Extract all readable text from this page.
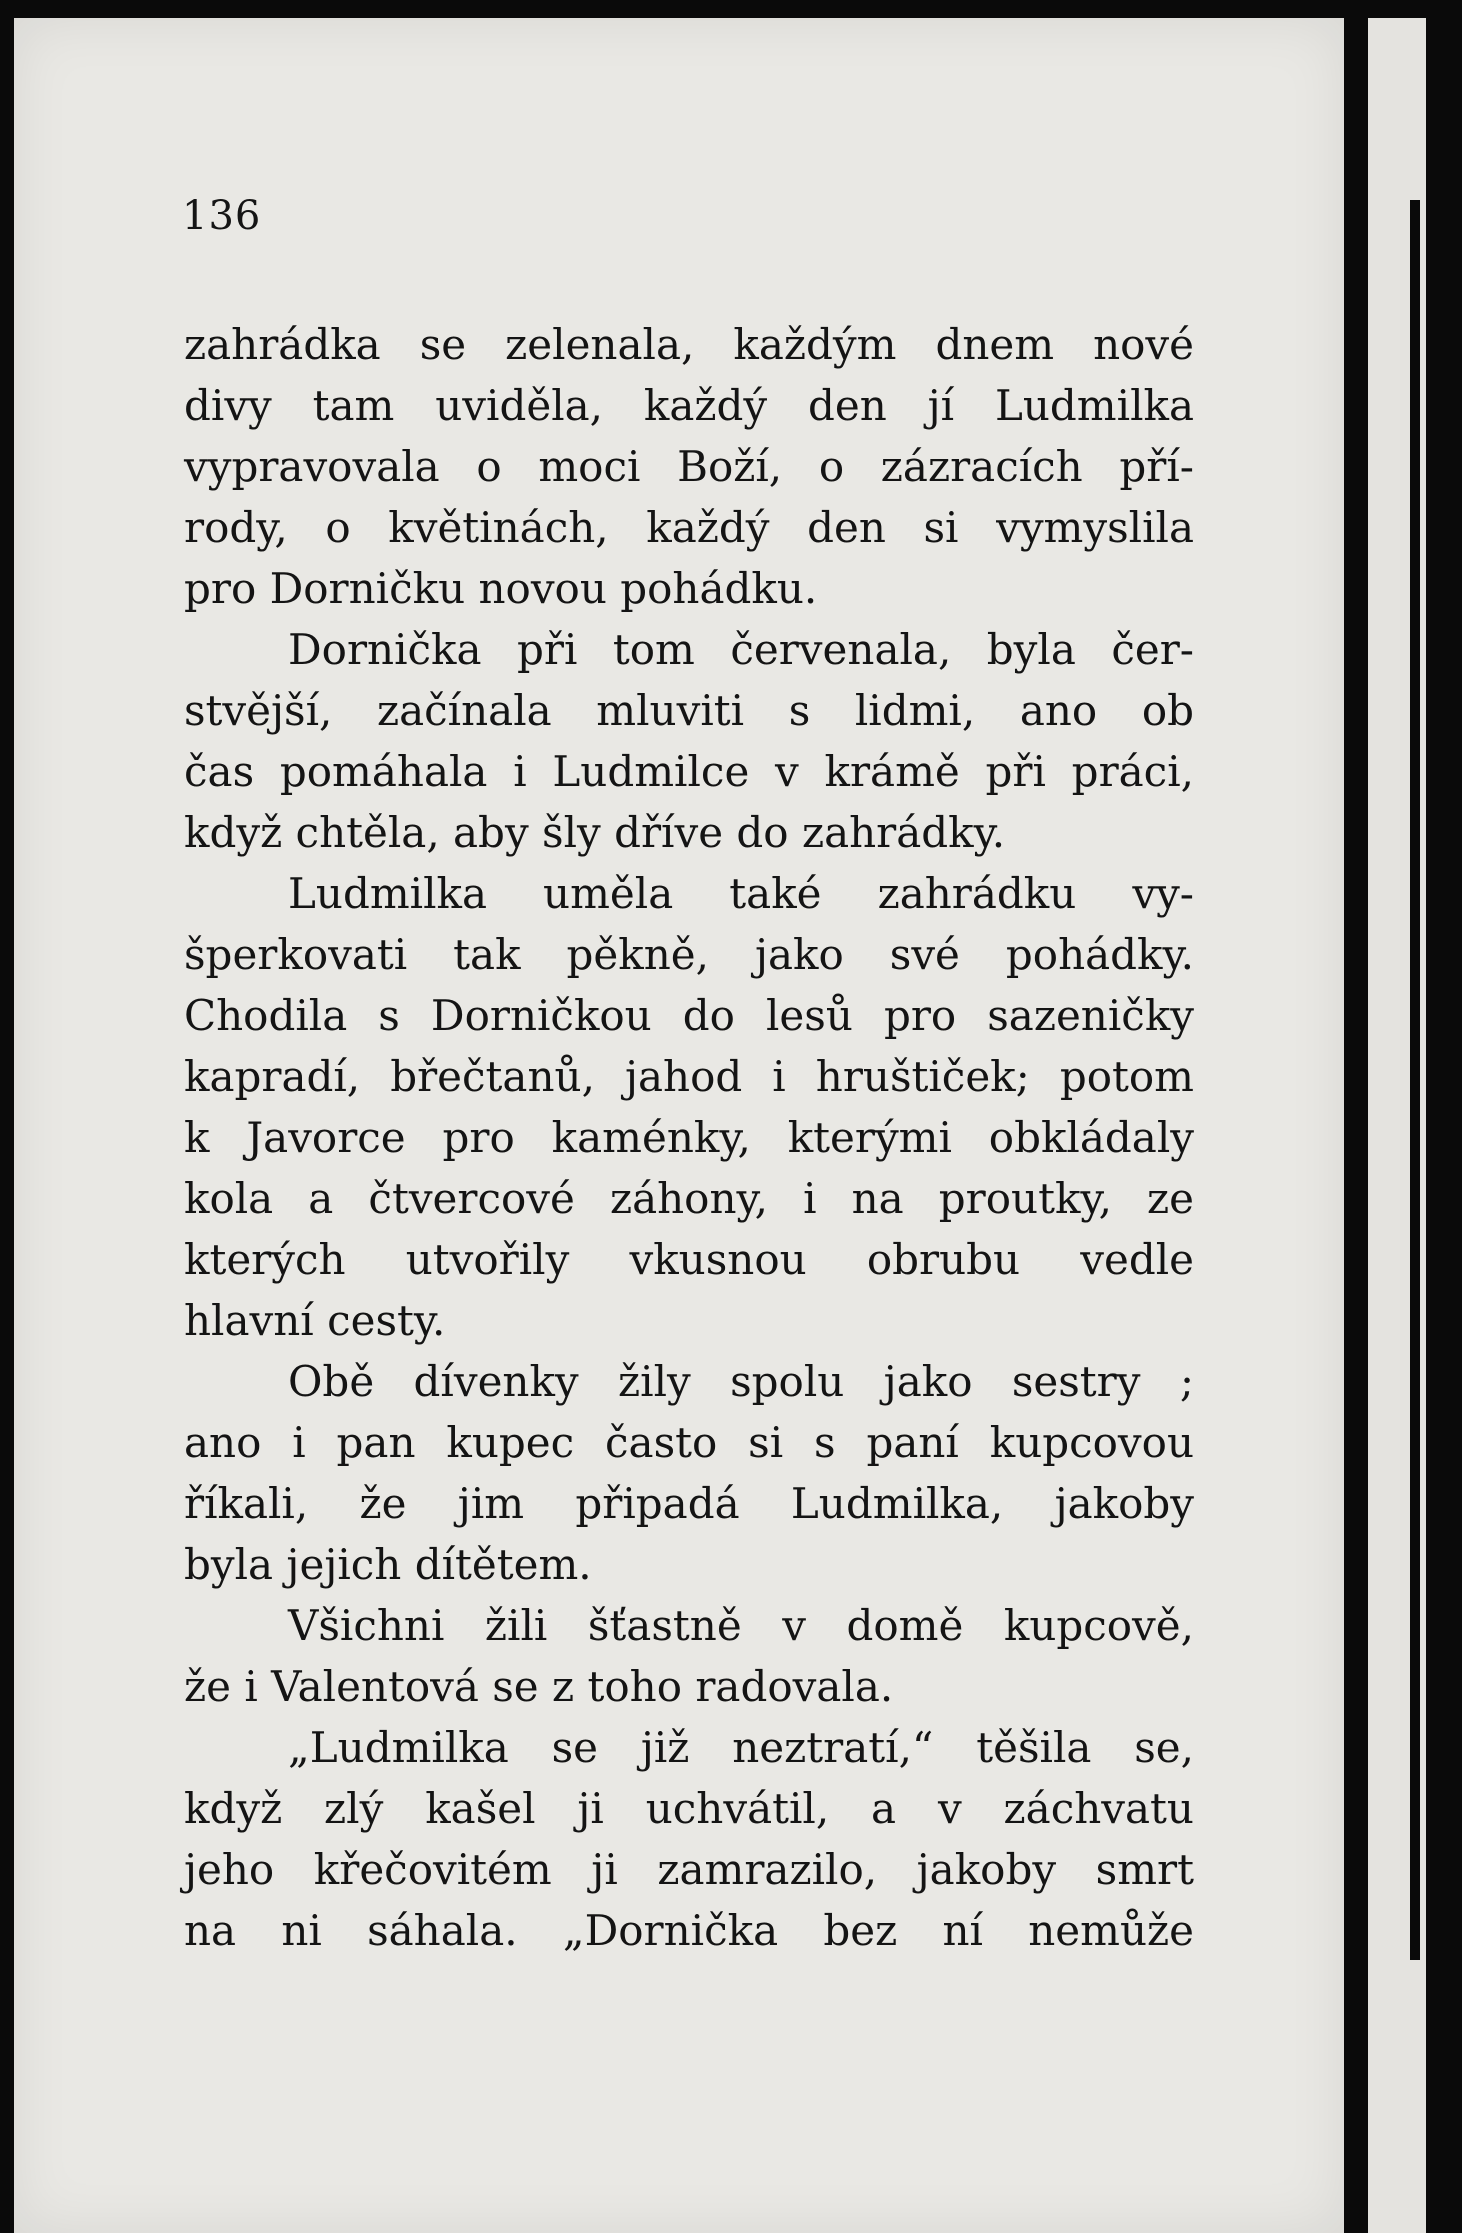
136
zahrádka se zelenala, každým dnem nové
divy tam uviděla, každý den jí Ludmilka
vypravovala o moci Boží, o zázracích pří-
rody, o květinách, každý den si vymyslila
pro Dorničku novou pohádku.
Dornička při tom červenala, byla čer-
stvější, začínala mluviti s lidmi, ano ob
čas pomáhala i Ludmilce v krámě při práci,
když chtěla, aby šly dříve do zahrádky.
Ludmilka uměla také zahrádku vy-
šperkovati tak pěkně, jako své pohádky.
Chodila s Dorničkou do lesů pro sazeničky
kapradí, břečtanů, jahod i hruštiček; potom
k Javorce pro kaménky, kterými obkládaly
kola a čtvercové záhony, i na proutky, ze
kterých utvořily vkusnou obrubu vedle
hlavní cesty.
Obě dívenky žily spolu jako sestry ;
ano i pan kupec často si s paní kupcovou
říkali, že jim připadá Ludmilka, jakoby
byla jejich dítětem.
Všichni žili šťastně v domě kupcově,
že i Valentová se z toho radovala.
„Ludmilka se již neztratí,“ těšila se,
když zlý kašel ji uchvátil, a v záchvatu
jeho křečovitém ji zamrazilo, jakoby smrt
na ni sáhala. „Dornička bez ní nemůže
